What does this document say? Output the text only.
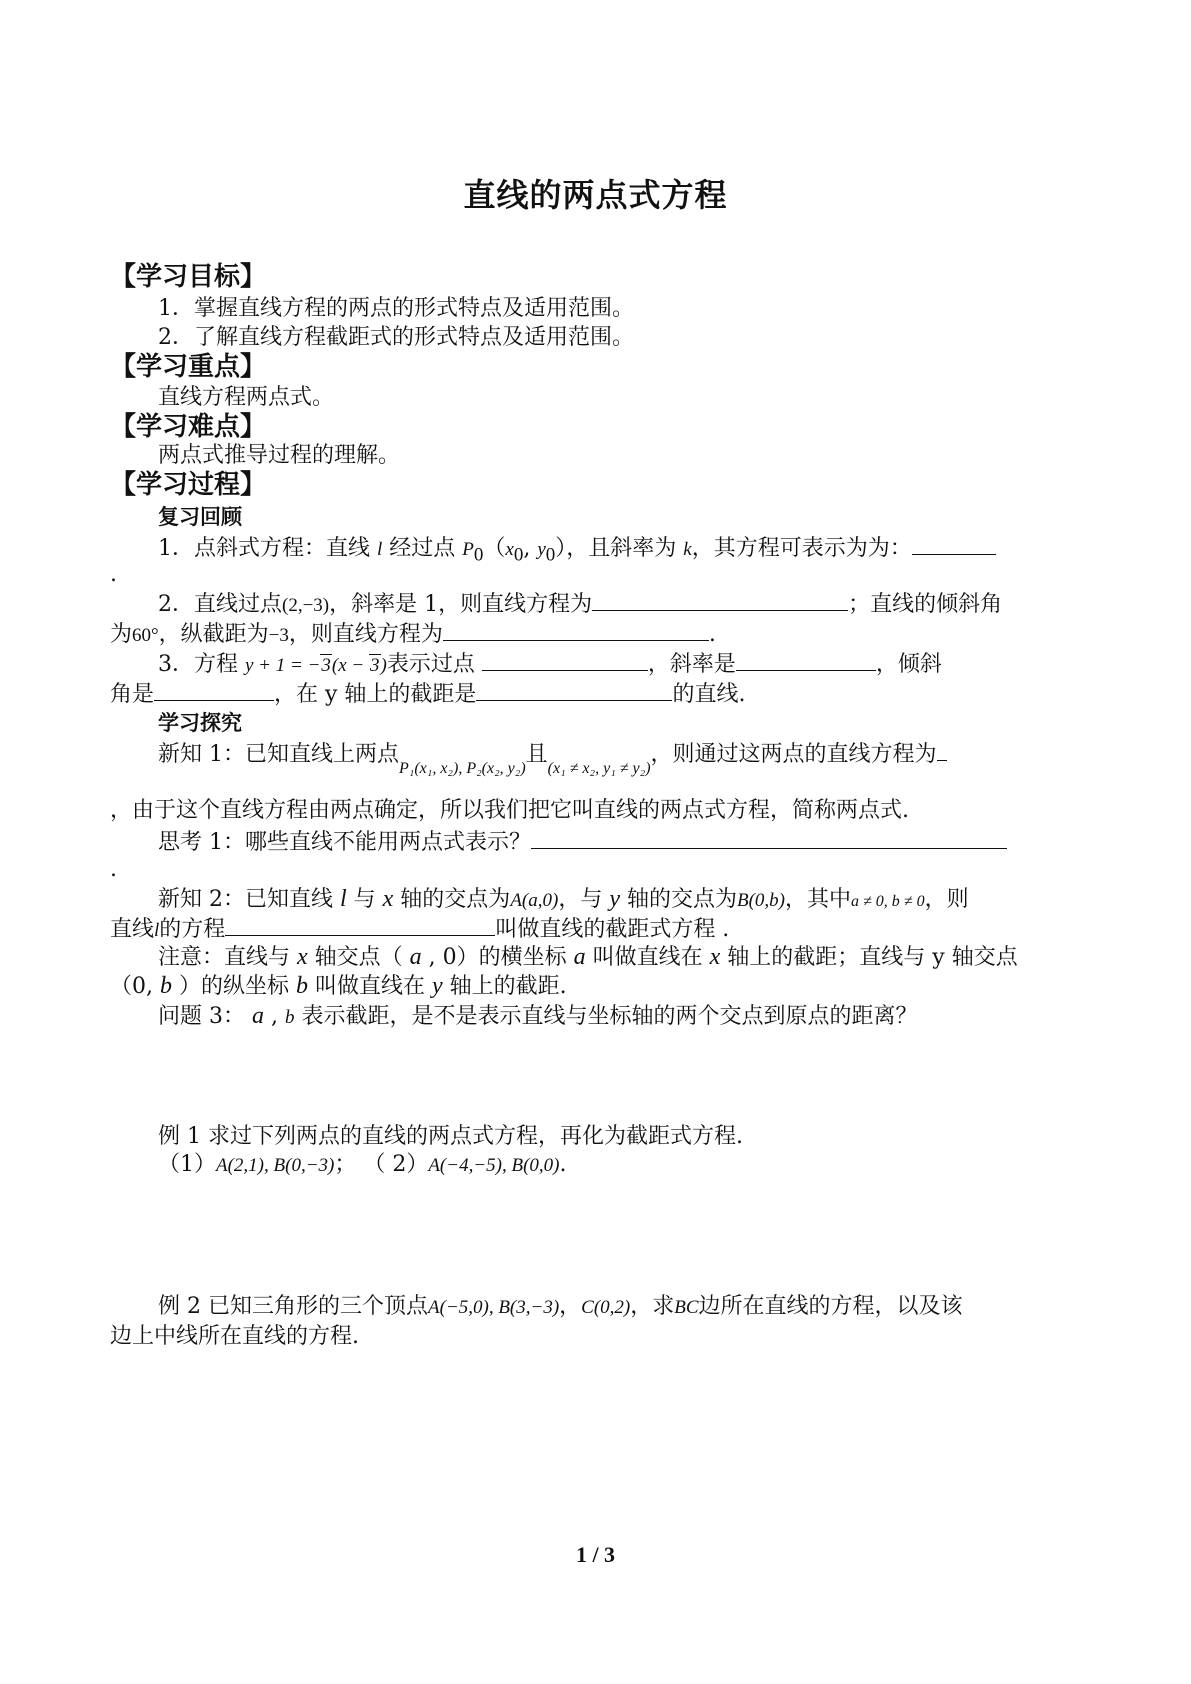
直线的两点式方程
【学习目标】
1．掌握直线方程的两点的形式特点及适用范围。
2．了解直线方程截距式的形式特点及适用范围。
【学习重点】
直线方程两点式。
【学习难点】
两点式推导过程的理解。
【学习过程】
复习回顾
1．点斜式方程：直线 l 经过点 $P_0(x_0$, $y_0$），且斜率为 k，其方程可表示为为：
.
2．直线过点(2,−3)，斜率是 1，则直线方程为	；直线的倾斜角
为60°，纵截距为−3，则直线方程为	.
3．方程 y + 1 = −3(x − 3)表示过点	，斜率是	，倾斜
角是	，在 y 轴上的截距是	的直线.
学习探究
新知 1：已知直线上两点$_{P_1(x_1, x_2), P_2(x_2, y_2)}$且$_{(x_1 \ne x_2, y_1 \ne y_2)}$，则通过这两点的直线方程为
，由于这个直线方程由两点确定，所以我们把它叫直线的两点式方程，简称两点式.
思考 1：哪些直线不能用两点式表示？
.
新知 2：已知直线 l 与 x 轴的交点为A(a,0)，与 y 轴的交点为B(0,b)，其中a ≠ 0, b ≠ 0，则
直线l的方程	叫做直线的截距式方程 .
注意：直线与 x 轴交点（ a , 0）的横坐标 a 叫做直线在 x 轴上的截距；直线与 y 轴交点
（0, b ）的纵坐标 b 叫做直线在 y 轴上的截距.
问题 3： a , b 表示截距，是不是表示直线与坐标轴的两个交点到原点的距离？
例 1 求过下列两点的直线的两点式方程，再化为截距式方程.
（1）A(2,1), B(0,−3)； （ 2）A(−4,−5), B(0,0).
例 2 已知三角形的三个顶点A(−5,0), B(3,−3)，C(0,2)，求BC边所在直线的方程，以及该
边上中线所在直线的方程.
1 / 3
